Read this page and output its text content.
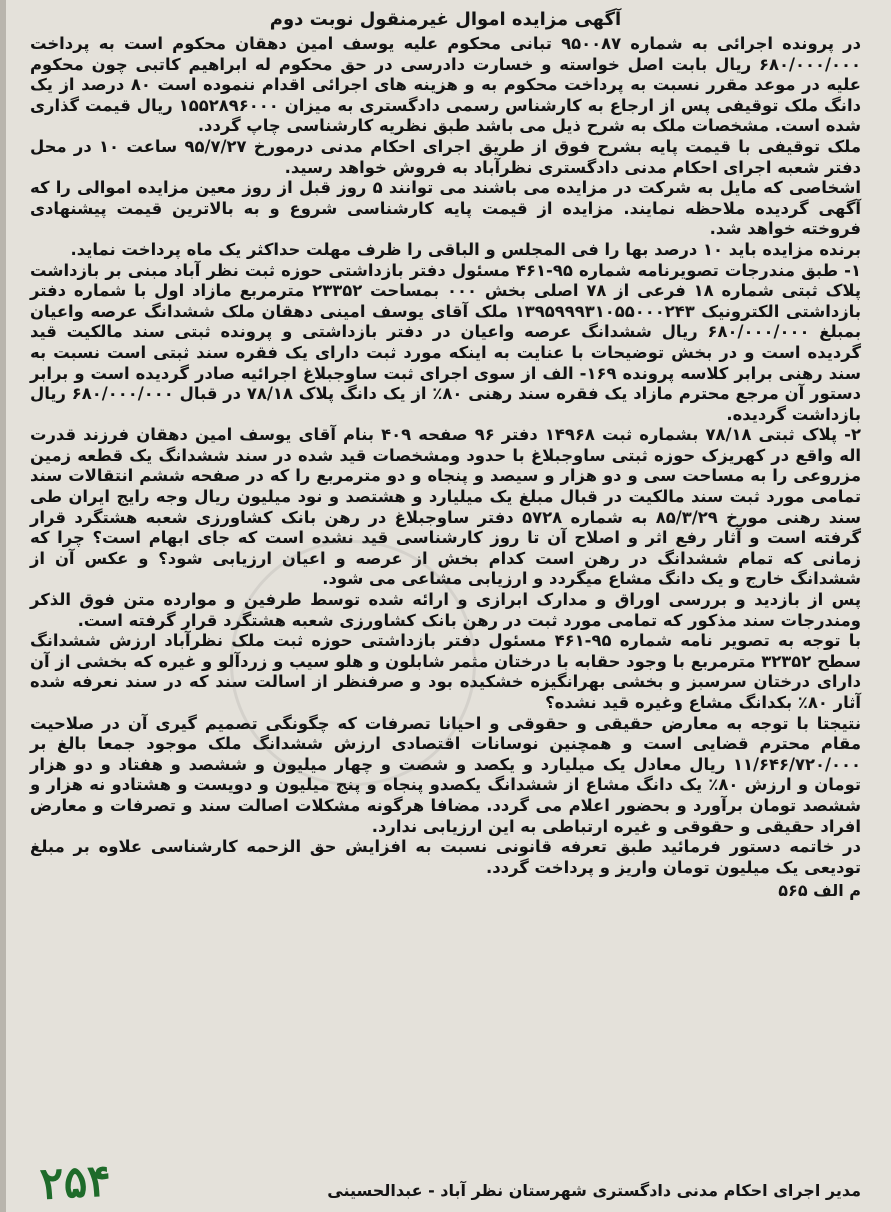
آگهی مزایده اموال غیرمنقول نوبت دوم

در پرونده اجرائی به شماره ۹۵۰۰۸۷ تبانی محکوم علیه یوسف امین دهقان محکوم است به پرداخت ۶۸۰/۰۰۰/۰۰۰ ریال بابت اصل خواسته و خسارت دادرسی در حق محکوم له ابراهیم کاتبی چون محکوم علیه در موعد مقرر نسبت به پرداخت محکوم به و هزینه های اجرائی اقدام ننموده است ۸۰ درصد از یک دانگ ملک توقیفی پس از ارجاع به کارشناس رسمی دادگستری به میزان ۱۵۵۲۸۹۶۰۰۰ ریال قیمت گذاری شده است. مشخصات ملک به شرح ذیل می باشد طبق نظریه کارشناسی چاپ گردد.

ملک توقیفی با قیمت پایه بشرح فوق از طریق اجرای احکام مدنی درمورخ ۹۵/۷/۲۷ ساعت ۱۰ در محل دفتر شعبه اجرای احکام مدنی دادگستری نظرآباد به فروش خواهد رسید.

اشخاصی که مایل به شرکت در مزایده می باشند می توانند ۵ روز قبل از روز معین مزایده اموالی را که آگهی گردیده ملاحظه نمایند. مزایده از قیمت پایه کارشناسی شروع و به بالاترین قیمت پیشنهادی فروخته خواهد شد.

برنده مزایده باید ۱۰ درصد بها را فی المجلس و الباقی را ظرف مهلت حداکثر یک ماه پرداخت نماید.

۱- طبق مندرجات تصویرنامه شماره ۹۵-۴۶۱ مسئول دفتر بازداشتی حوزه ثبت نظر آباد مبنی بر بازداشت پلاک ثبتی شماره ۱۸ فرعی از ۷۸ اصلی بخش ۰۰۰ بمساحت ۲۳۳۵۲ مترمربع مازاد اول با شماره دفتر بازداشتی الکترونیک ۱۳۹۵۹۹۹۳۱۰۵۵۰۰۰۲۴۳ ملک آقای یوسف امینی دهقان ملک ششدانگ عرصه واعیان بمبلغ ۶۸۰/۰۰۰/۰۰۰ ریال ششدانگ عرصه واعیان در دفتر بازداشتی و پرونده ثبتی سند مالکیت قید گردیده است و در بخش توضیحات با عنایت به اینکه مورد ثبت دارای یک فقره سند ثبتی است نسبت به سند رهنی برابر کلاسه پرونده ۱۶۹- الف از سوی اجرای ثبت ساوجبلاغ اجرائیه صادر گردیده است و برابر دستور آن مرجع محترم مازاد یک فقره سند رهنی ۸۰٪ از یک دانگ پلاک ۷۸/۱۸ در قبال ۶۸۰/۰۰۰/۰۰۰ ریال بازداشت گردیده.

۲- پلاک ثبتی ۷۸/۱۸ بشماره ثبت ۱۴۹۶۸ دفتر ۹۶ صفحه ۴۰۹ بنام آقای یوسف امین دهقان فرزند قدرت اله واقع در کهریزک حوزه ثبتی ساوجبلاغ با حدود ومشخصات قید شده در سند ششدانگ یک قطعه زمین مزروعی را به مساحت سی و دو هزار و سیصد و پنجاه و دو مترمربع را که در صفحه ششم انتقالات سند تمامی مورد ثبت سند مالکیت در قبال مبلغ یک میلیارد و هشتصد و نود میلیون ریال وجه رایج ایران طی سند رهنی مورخ ۸۵/۳/۲۹ به شماره ۵۷۲۸ دفتر ساوجبلاغ در رهن بانک کشاورزی شعبه هشتگرد قرار گرفته است و آثار رفع اثر و اصلاح آن تا روز کارشناسی قید نشده است که جای ابهام است؟ چرا که زمانی که تمام ششدانگ در رهن است کدام بخش از عرصه و اعیان ارزیابی شود؟ و عکس آن از ششدانگ خارج و یک دانگ مشاع میگردد و ارزیابی مشاعی می شود.

پس از بازدید و بررسی اوراق و مدارک ابرازی و ارائه شده توسط طرفین و موارده متن فوق الذکر ومندرجات سند مذکور که تمامی مورد ثبت در رهن بانک کشاورزی شعبه هشتگرد قرار گرفته است.

با توجه به تصویر نامه شماره ۹۵-۴۶۱ مسئول دفتر بازداشتی حوزه ثبت ملک نظرآباد ارزش ششدانگ سطح ۳۲۳۵۲ مترمربع با وجود حقابه با درختان مثمر شابلون و هلو سیب و زردآلو و غیره که بخشی از آن دارای درختان سرسبز و بخشی بهرانگیزه خشکیده بود و صرفنظر از اسالت سند که در سند نعرفه شده آثار ۸۰٪ بکدانگ مشاع وغیره قید نشده؟

نتیجتا با توجه به معارض حقیقی و حقوقی و احیانا تصرفات که چگونگی تصمیم گیری آن در صلاحیت مقام محترم قضایی است و همچنین نوسانات اقتصادی ارزش ششدانگ ملک موجود جمعا بالغ بر ۱۱/۶۴۶/۷۲۰/۰۰۰ ریال معادل یک میلیارد و یکصد و شصت و چهار میلیون و ششصد و هفتاد و دو هزار تومان و ارزش ۸۰٪ یک دانگ مشاع از ششدانگ یکصدو پنجاه و پنج میلیون و دویست و هشتادو نه هزار و ششصد تومان برآورد و بحضور اعلام می گردد. مضافا هرگونه مشکلات اصالت سند و تصرفات و معارض افراد حقیقی و حقوقی و غیره ارتباطی به این ارزیابی ندارد.

در خاتمه دستور فرمائید طبق تعرفه قانونی نسبت به افزایش حق الزحمه کارشناسی علاوه بر مبلغ تودیعی یک میلیون تومان واریز و پرداخت گردد.

م الف ۵۶۵
مدیر اجرای احکام مدنی دادگستری شهرستان نظر آباد - عبدالحسینی
۲۵۴
